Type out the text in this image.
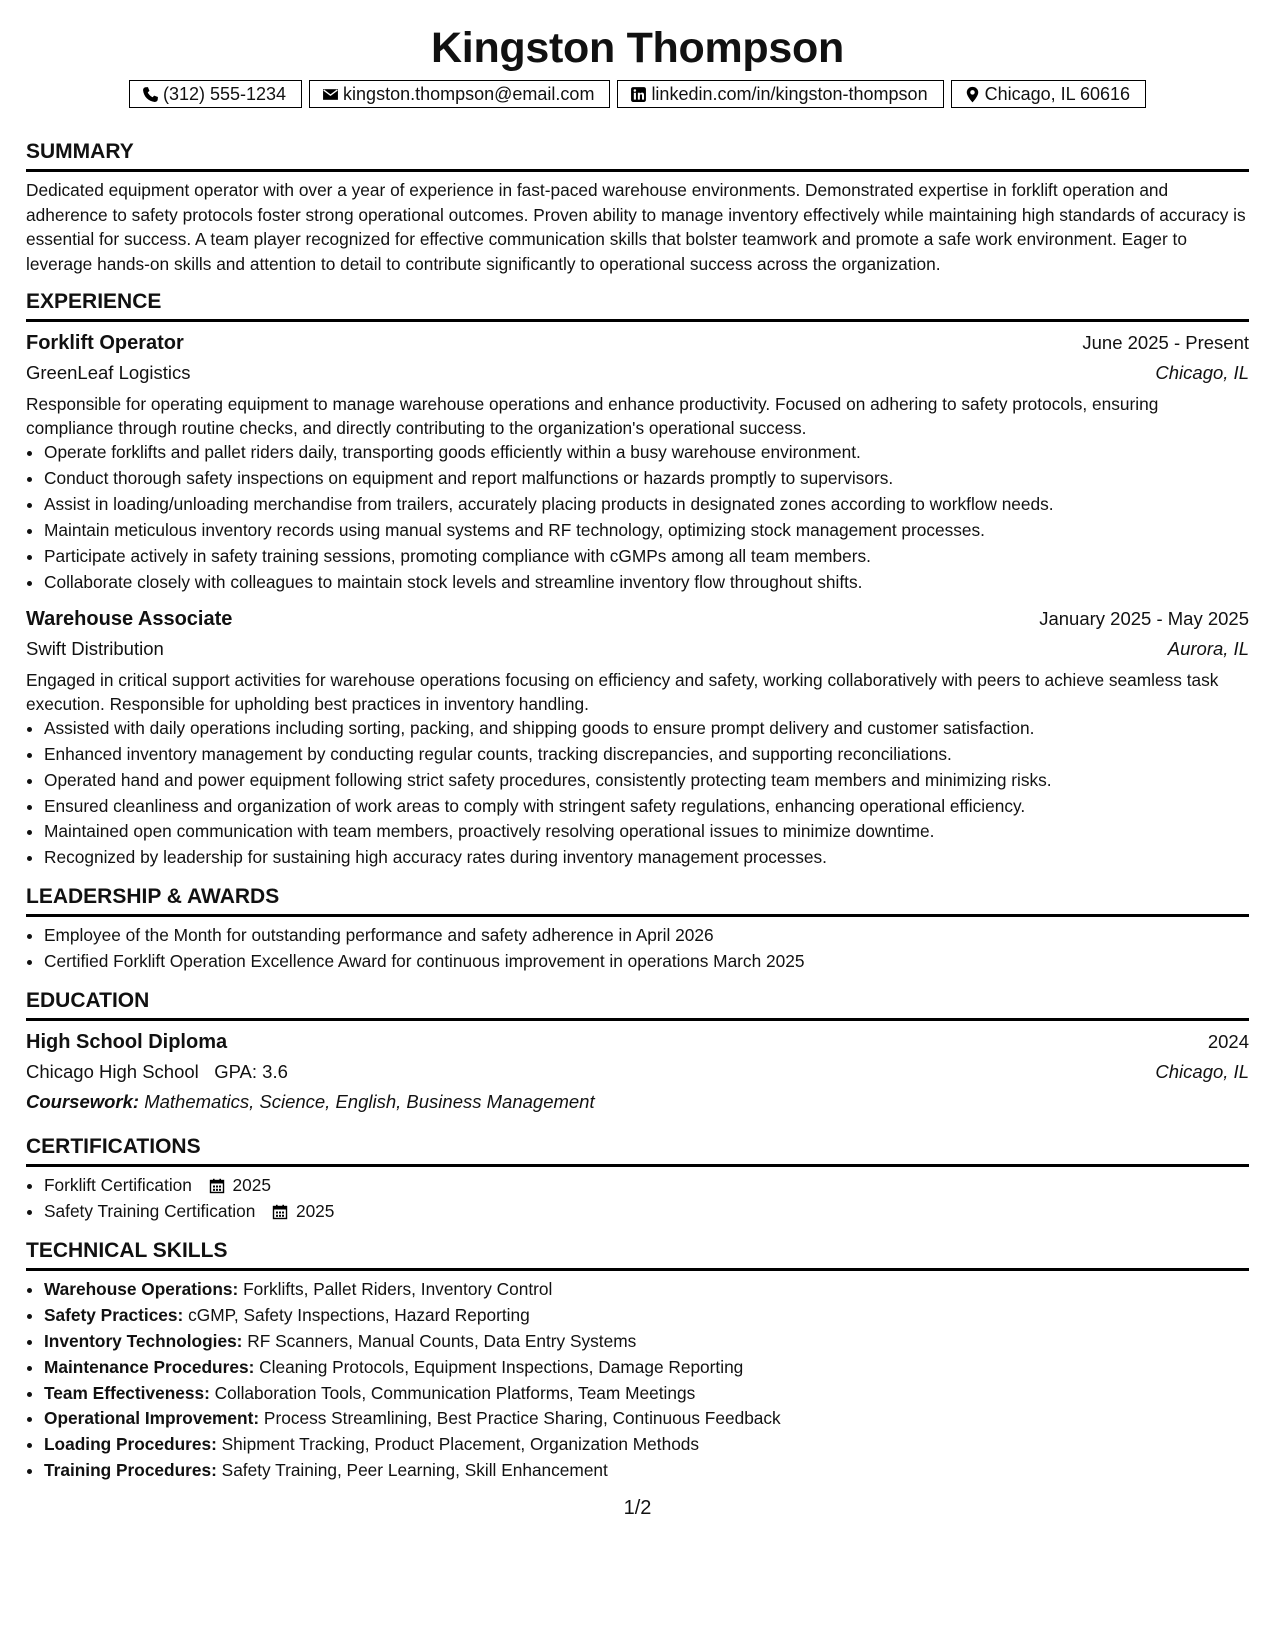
Kingston Thompson
(312) 555-1234	kingston.thompson@email.com	linkedin.com/in/kingston-thompson	Chicago, IL 60616
SUMMARY

Dedicated equipment operator with over a year of experience in fast-paced warehouse environments. Demonstrated expertise in forklift operation and adherence to safety protocols foster strong operational outcomes. Proven ability to manage inventory effectively while maintaining high standards of accuracy is essential for success. A team player recognized for effective communication skills that bolster teamwork and promote a safe work environment. Eager to leverage hands-on skills and attention to detail to contribute significantly to operational success across the organization.

EXPERIENCE
Forklift Operator	June 2025 - Present
GreenLeaf Logistics	Chicago, IL
Responsible for operating equipment to manage warehouse operations and enhance productivity. Focused on adhering to safety protocols, ensuring compliance through routine checks, and directly contributing to the organization's operational success.
• Operate forklifts and pallet riders daily, transporting goods efficiently within a busy warehouse environment.
• Conduct thorough safety inspections on equipment and report malfunctions or hazards promptly to supervisors.
• Assist in loading/unloading merchandise from trailers, accurately placing products in designated zones according to workflow needs.
• Maintain meticulous inventory records using manual systems and RF technology, optimizing stock management processes.
• Participate actively in safety training sessions, promoting compliance with cGMPs among all team members.
• Collaborate closely with colleagues to maintain stock levels and streamline inventory flow throughout shifts.
Warehouse Associate	January 2025 - May 2025
Swift Distribution	Aurora, IL
Engaged in critical support activities for warehouse operations focusing on efficiency and safety, working collaboratively with peers to achieve seamless task execution. Responsible for upholding best practices in inventory handling.
• Assisted with daily operations including sorting, packing, and shipping goods to ensure prompt delivery and customer satisfaction.
• Enhanced inventory management by conducting regular counts, tracking discrepancies, and supporting reconciliations.
• Operated hand and power equipment following strict safety procedures, consistently protecting team members and minimizing risks.
• Ensured cleanliness and organization of work areas to comply with stringent safety regulations, enhancing operational efficiency.
• Maintained open communication with team members, proactively resolving operational issues to minimize downtime.
• Recognized by leadership for sustaining high accuracy rates during inventory management processes.
LEADERSHIP & AWARDS
• Employee of the Month for outstanding performance and safety adherence in April 2026
• Certified Forklift Operation Excellence Award for continuous improvement in operations March 2025
EDUCATION
High School Diploma	2024
Chicago High School GPA: 3.6	Chicago, IL
Coursework: Mathematics, Science, English, Business Management
CERTIFICATIONS
• Forklift Certification 2025
• Safety Training Certification 2025
TECHNICAL SKILLS
• Warehouse Operations: Forklifts, Pallet Riders, Inventory Control
• Safety Practices: cGMP, Safety Inspections, Hazard Reporting
• Inventory Technologies: RF Scanners, Manual Counts, Data Entry Systems
• Maintenance Procedures: Cleaning Protocols, Equipment Inspections, Damage Reporting
• Team Effectiveness: Collaboration Tools, Communication Platforms, Team Meetings
• Operational Improvement: Process Streamlining, Best Practice Sharing, Continuous Feedback
• Loading Procedures: Shipment Tracking, Product Placement, Organization Methods
• Training Procedures: Safety Training, Peer Learning, Skill Enhancement
1/2
